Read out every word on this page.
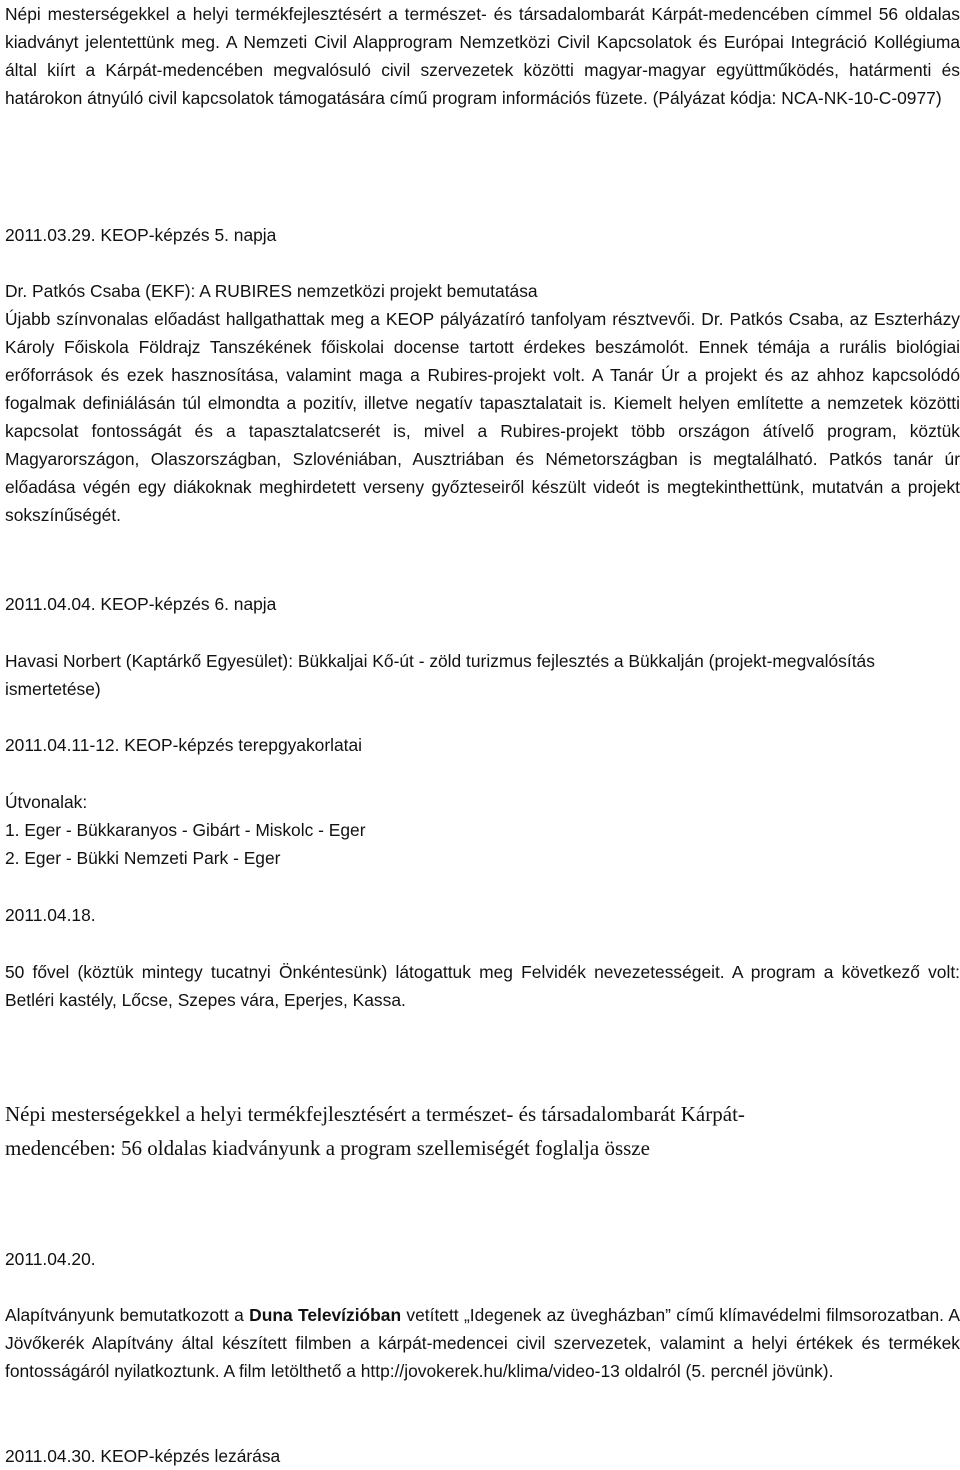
Népi mesterségekkel a helyi termékfejlesztésért a természet- és társadalombarát Kárpát-medencében címmel 56 oldalas kiadványt jelentettünk meg. A Nemzeti Civil Alapprogram Nemzetközi Civil Kapcsolatok és Európai Integráció Kollégiuma által kiírt a Kárpát-medencében megvalósuló civil szervezetek közötti magyar-magyar együttműködés, határmenti és határokon átnyúló civil kapcsolatok támogatására című program információs füzete. (Pályázat kódja: NCA-NK-10-C-0977)

2011.03.29. KEOP-képzés 5. napja

Dr. Patkós Csaba (EKF): A RUBIRES nemzetközi projekt bemutatása

Újabb színvonalas előadást hallgathattak meg a KEOP pályázatíró tanfolyam résztvevői. Dr. Patkós Csaba, az Eszterházy Károly Főiskola Földrajz Tanszékének főiskolai docense tartott érdekes beszámolót. Ennek témája a rurális biológiai erőforrások és ezek hasznosítása, valamint maga a Rubires-projekt volt. A Tanár Úr a projekt és az ahhoz kapcsolódó fogalmak definiálásán túl elmondta a pozitív, illetve negatív tapasztalatait is. Kiemelt helyen említette a nemzetek közötti kapcsolat fontosságát és a tapasztalatcserét is, mivel a Rubires-projekt több országon átívelő program, köztük Magyarországon, Olaszországban, Szlovéniában, Ausztriában és Németországban is megtalálható. Patkós tanár úr előadása végén egy diákoknak meghirdetett verseny győzteseiről készült videót is megtekinthettünk, mutatván a projekt sokszínűségét.

2011.04.04. KEOP-képzés 6. napja

Havasi Norbert (Kaptárkő Egyesület): Bükkaljai Kő-út - zöld turizmus fejlesztés a Bükkalján (projekt-megvalósítás ismertetése)

2011.04.11-12. KEOP-képzés terepgyakorlatai

Útvonalak:

1. Eger - Bükkaranyos - Gibárt - Miskolc - Eger

2. Eger - Bükki Nemzeti Park - Eger

2011.04.18.

50 fővel (köztük mintegy tucatnyi Önkéntesünk) látogattuk meg Felvidék nevezetességeit. A program a következő volt: Betléri kastély, Lőcse, Szepes vára, Eperjes, Kassa.

Népi mesterségekkel a helyi termékfejlesztésért a természet- és társadalombarát Kárpát-
medencében: 56 oldalas kiadványunk a program szellemiségét foglalja össze

2011.04.20.

Alapítványunk bemutatkozott a Duna Televízióban vetített „Idegenek az üvegházban” című klímavédelmi filmsorozatban. A Jövőkerék Alapítvány által készített filmben a kárpát-medencei civil szervezetek, valamint a helyi értékek és termékek fontosságáról nyilatkoztunk. A film letölthető a http://jovokerek.hu/klima/video-13 oldalról (5. percnél jövünk).

2011.04.30. KEOP-képzés lezárása
